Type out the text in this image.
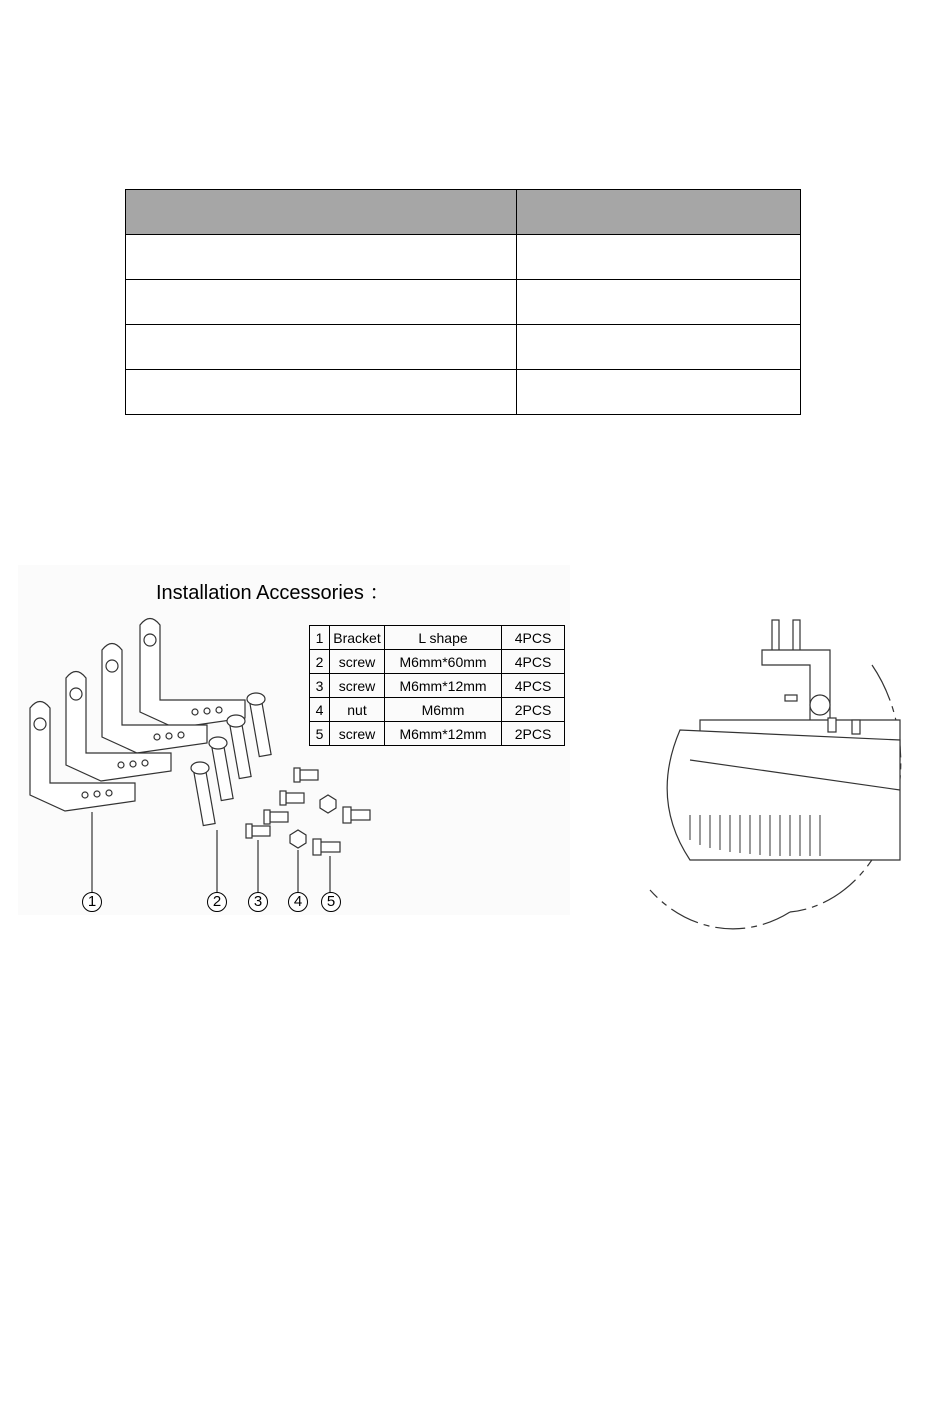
Installation Accessories ：
1	Bracket	L shape	4PCS
2	screw	M6mm*60mm	4PCS
3	screw	M6mm*12mm	4PCS
4	nut	M6mm	2PCS
5	screw	M6mm*12mm	2PCS
1	2	3	4	5
